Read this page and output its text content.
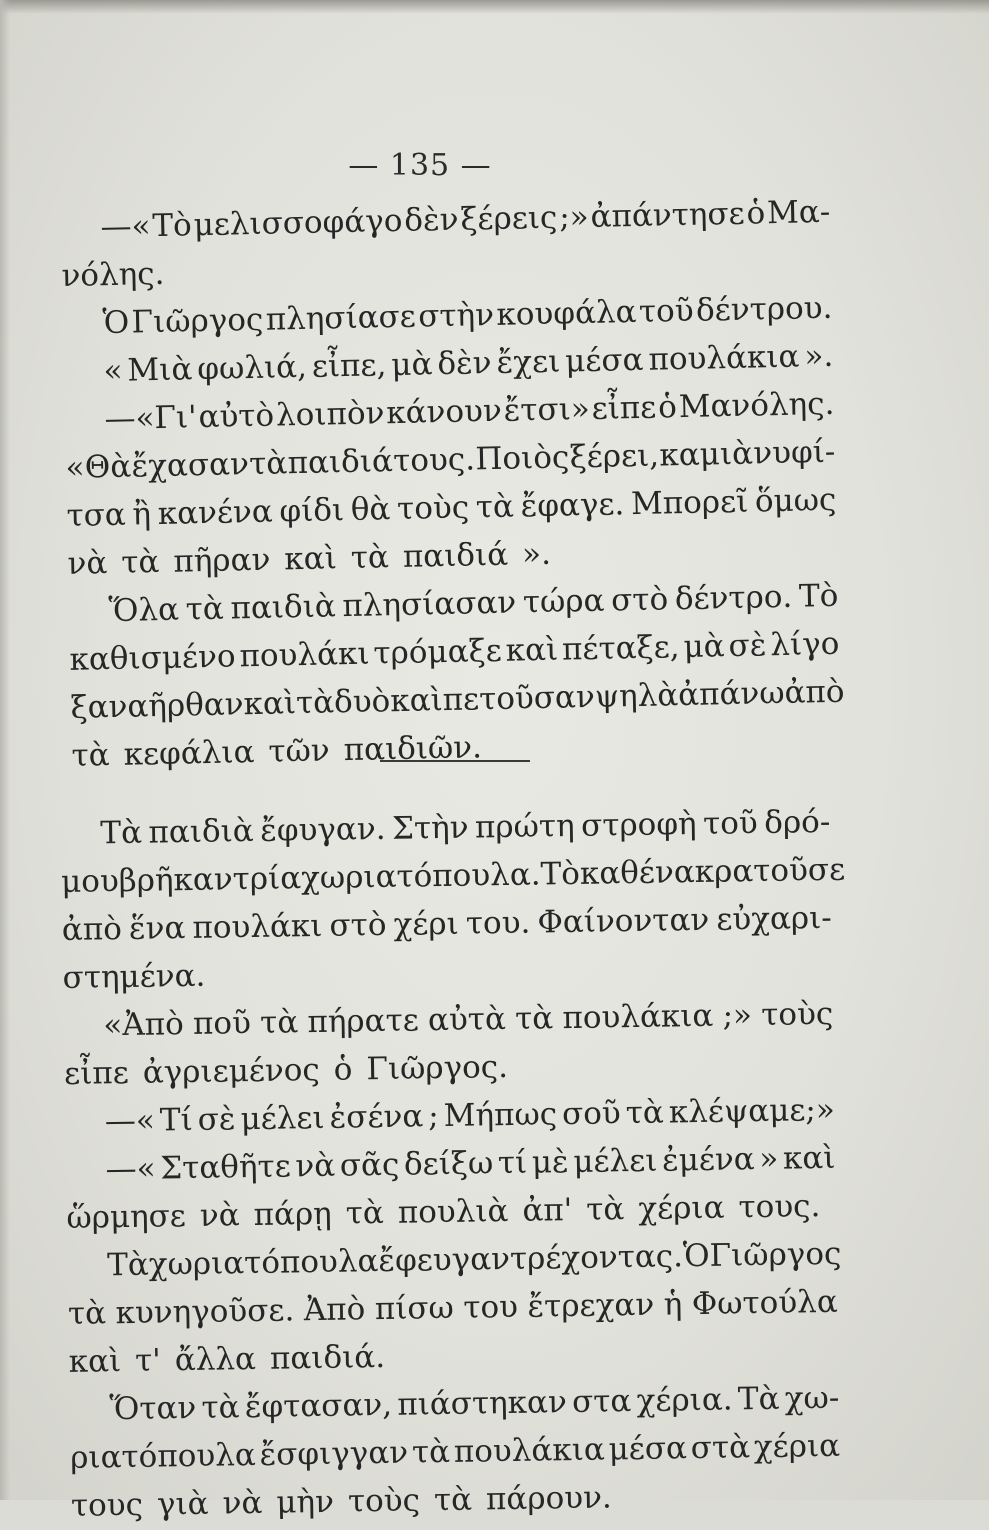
— 135 —
—« Τὸ μελισσοφάγο δὲν ξέρεις ;» ἀπάντησε ὁ Μα-
νόλης.
Ὁ Γιῶργος πλησίασε στὴν κουφάλα τοῦ δέντρου.
« Μιὰ φωλιά, εἶπε, μὰ δὲν ἔχει μέσα πουλάκια ».
—«Γι' αὐτὸ λοιπὸν κάνουν ἔτσι» εἶπε ὁ Μανόλης.
« Θὰ ἔχασαν τὰ παιδιά τους. Ποιὸς ξέρει, καμιὰ νυφί-
τσα ἢ κανένα φίδι θὰ τοὺς τὰ ἔφαγε. Μπορεῖ ὅμως
νὰ τὰ πῆραν καὶ τὰ παιδιά ».
Ὅλα τὰ παιδιὰ πλησίασαν τώρα στὸ δέντρο. Τὸ
καθισμένο πουλάκι τρόμαξε καὶ πέταξε, μὰ σὲ λίγο
ξαναῆρθαν καὶ τὰ δυὸ καὶ πετοῦσαν ψηλὰ ἀπάνω ἀπὸ
τὰ κεφάλια τῶν παιδιῶν.
Τὰ παιδιὰ ἔφυγαν. Στὴν πρώτη στροφὴ τοῦ δρό-
μου βρῆκαν τρία χωριατόπουλα. Τὸ καθένα κρατοῦσε
ἀπὸ ἕνα πουλάκι στὸ χέρι του. Φαίνονταν εὐχαρι-
στημένα.
«Ἀπὸ ποῦ τὰ πήρατε αὐτὰ τὰ πουλάκια ;» τοὺς
εἶπε ἀγριεμένος ὁ Γιῶργος.
—« Τί σὲ μέλει ἐσένα ; Μήπως σοῦ τὰ κλέψαμε;»
—« Σταθῆτε νὰ σᾶς δείξω τί μὲ μέλει ἐμένα » καὶ
ὥρμησε νὰ πάρῃ τὰ πουλιὰ ἀπ' τὰ χέρια τους.
Τὰ χωριατόπουλα ἔφευγαν τρέχοντας. Ὁ Γιῶργος
τὰ κυνηγοῦσε. Ἀπὸ πίσω του ἔτρεχαν ἡ Φωτούλα
καὶ τ' ἄλλα παιδιά.
Ὅταν τὰ ἔφτασαν, πιάστηκαν στα χέρια. Τὰ χω-
ριατόπουλα ἔσφιγγαν τὰ πουλάκια μέσα στὰ χέρια
τους γιὰ νὰ μὴν τοὺς τὰ πάρουν.
